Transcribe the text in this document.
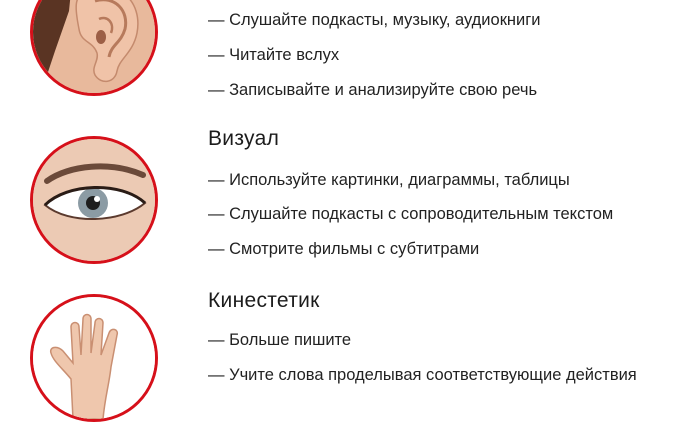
— Слушайте подкасты, музыку, аудиокниги
— Читайте вслух
— Записывайте и анализируйте свою речь
Визуал
— Используйте картинки, диаграммы, таблицы
— Слушайте подкасты с сопроводительным текстом
— Смотрите фильмы с субтитрами
Кинестетик
— Больше пишите
— Учите слова проделывая соответствующие действия
